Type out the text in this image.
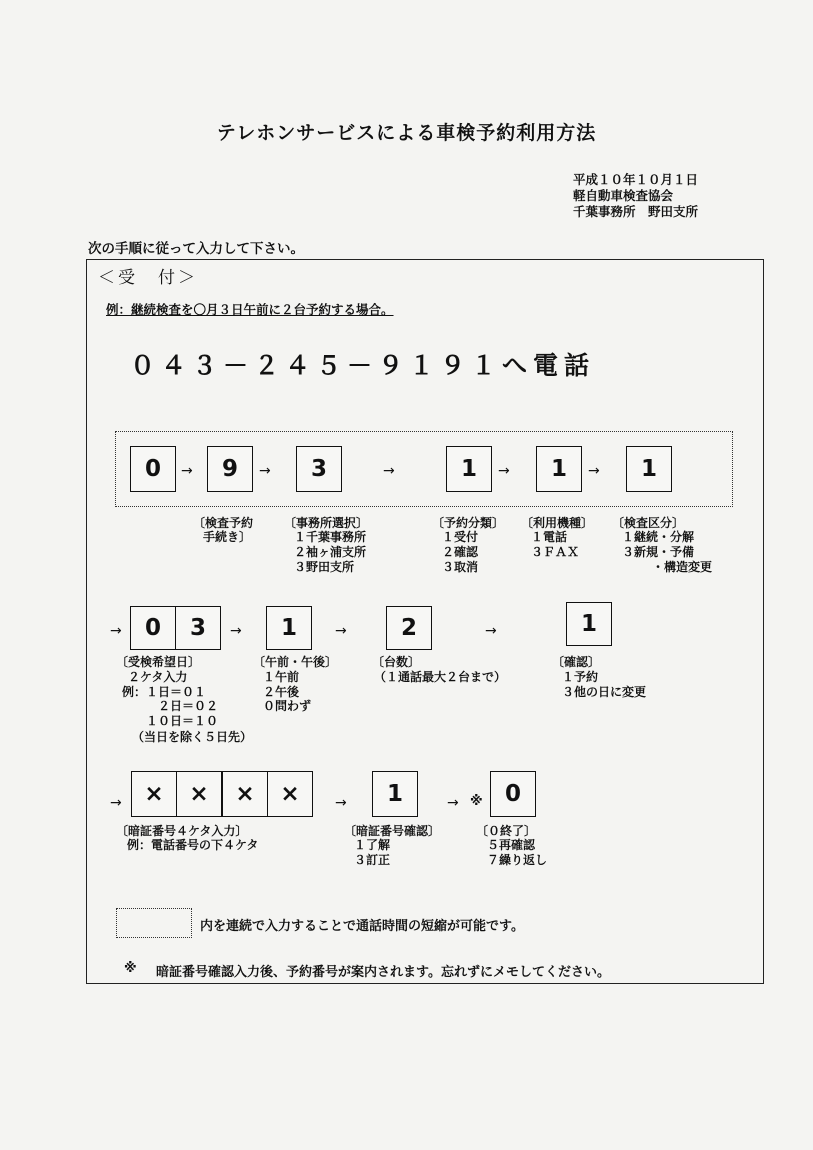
テレホンサービスによる車検予約利用方法
平成１０年１０月１日
軽自動車検査協会
千葉事務所　野田支所
次の手順に従って入力して下さい。
＜受　付＞
例：継続検査を〇月３日午前に２台予約する場合。
０４３－２４５－９１９１へ電話
0	→	9	→	3	→	1	→	1	→	1
〔検査予約
手続き〕
〔事務所選択〕
１千葉事務所
２袖ヶ浦支所
３野田支所
〔予約分類〕
１受付
２確認
３取消
〔利用機種〕
１電話
３ＦＡＸ
〔検査区分〕
１継続・分解
３新規・予備
・構造変更
→	0	3	→	1	→	2	→	1
〔受検希望日〕
２ケタ入力
例：１日＝０１
２日＝０２
１０日＝１０
（当日を除く５日先）
〔午前・午後〕
１午前
２午後
０問わず
〔台数〕
（１通話最大２台まで）
〔確認〕
１予約
３他の日に変更
→ ×	×	×	×	→	1	→ ※ 0
〔暗証番号４ケタ入力〕
例：電話番号の下４ケタ
〔暗証番号確認〕
１了解
３訂正
〔０終了〕
５再確認
７繰り返し
内を連続で入力することで通話時間の短縮が可能です。
※ 暗証番号確認入力後、予約番号が案内されます。忘れずにメモしてください。
